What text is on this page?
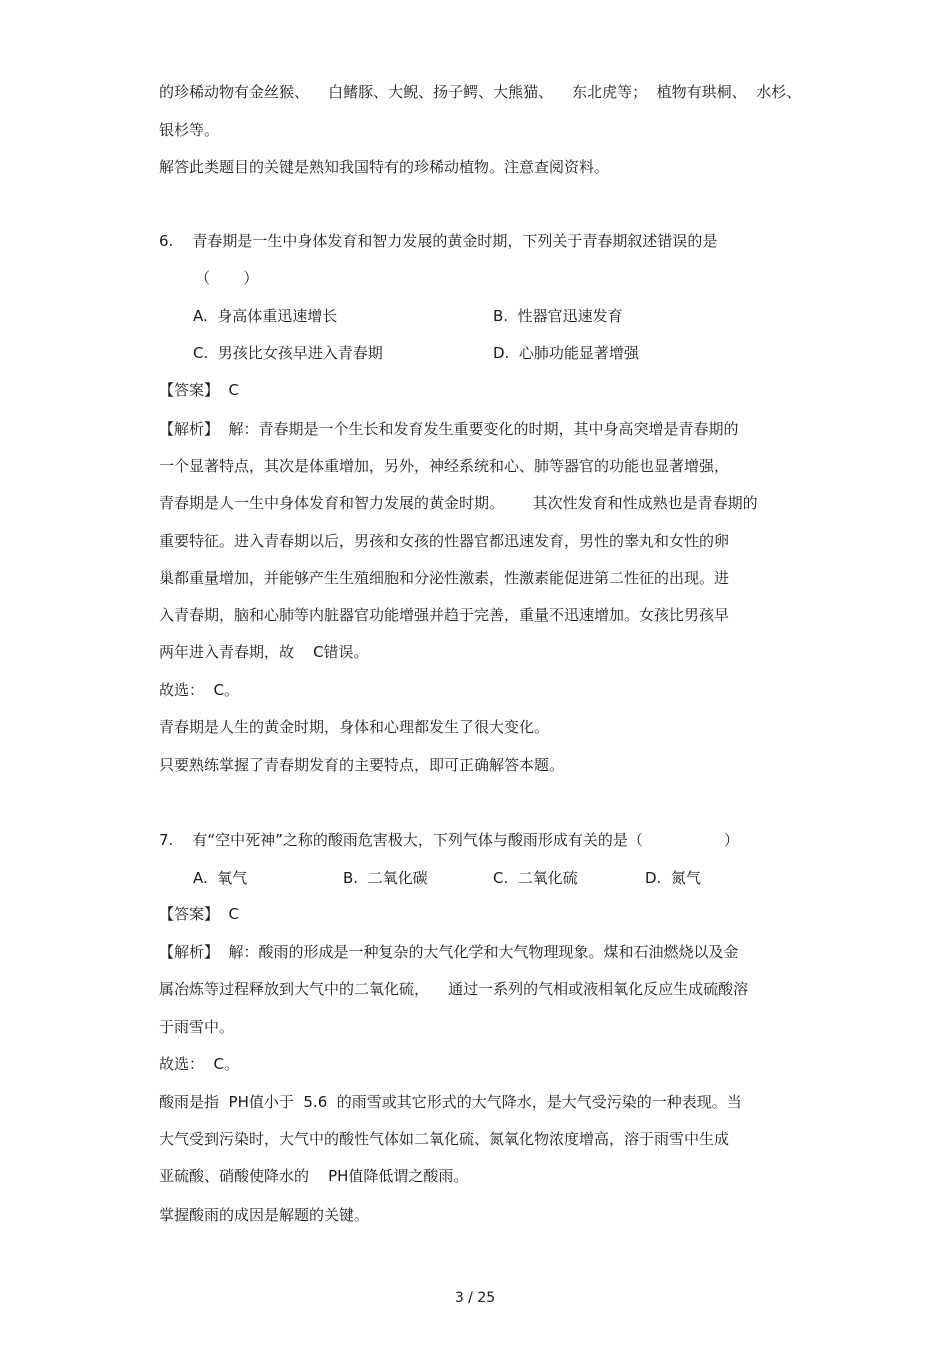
的珍稀动物有金丝猴、    白鳍豚、大鲵、扬子鳄、大熊猫、    东北虎等；  植物有珙桐、  水杉、
银杉等。
解答此类题目的关键是熟知我国特有的珍稀动植物。注意查阅资料。
6.    青春期是一生中身体发育和智力发展的黄金时期，下列关于青春期叙述错误的是
（       ）
A.  身高体重迅速增长	B.  性器官迅速发育
C.  男孩比女孩早进入青春期	D.  心肺功能显著增强
【答案】  C
【解析】  解：青春期是一个生长和发育发生重要变化的时期，其中身高突增是青春期的
一个显著特点，其次是体重增加，另外，神经系统和心、肺等器官的功能也显著增强，
青春期是人一生中身体发育和智力发展的黄金时期。      其次性发育和性成熟也是青春期的
重要特征。进入青春期以后，男孩和女孩的性器官都迅速发育，男性的睾丸和女性的卵
巢都重量增加，并能够产生生殖细胞和分泌性激素，性激素能促进第二性征的出现。进
入青春期，脑和心肺等内脏器官功能增强并趋于完善，重量不迅速增加。女孩比男孩早
两年进入青春期，故    C错误。
故选：  C。
青春期是人生的黄金时期，身体和心理都发生了很大变化。
只要熟练掌握了青春期发育的主要特点，即可正确解答本题。
7.    有“空中死神”之称的酸雨危害极大，下列气体与酸雨形成有关的是（                 ）
A.  氧气	B.  二氧化碳	C.  二氧化硫	D.  氮气
【答案】  C
【解析】  解：酸雨的形成是一种复杂的大气化学和大气物理现象。煤和石油燃烧以及金
属冶炼等过程释放到大气中的二氧化硫，    通过一系列的气相或液相氧化反应生成硫酸溶
于雨雪中。
故选：  C。
酸雨是指  PH值小于  5.6  的雨雪或其它形式的大气降水，是大气受污染的一种表现。当
大气受到污染时，大气中的酸性气体如二氧化硫、氮氧化物浓度增高，溶于雨雪中生成
亚硫酸、硝酸使降水的    PH值降低谓之酸雨。
掌握酸雨的成因是解题的关键。
3 / 25
